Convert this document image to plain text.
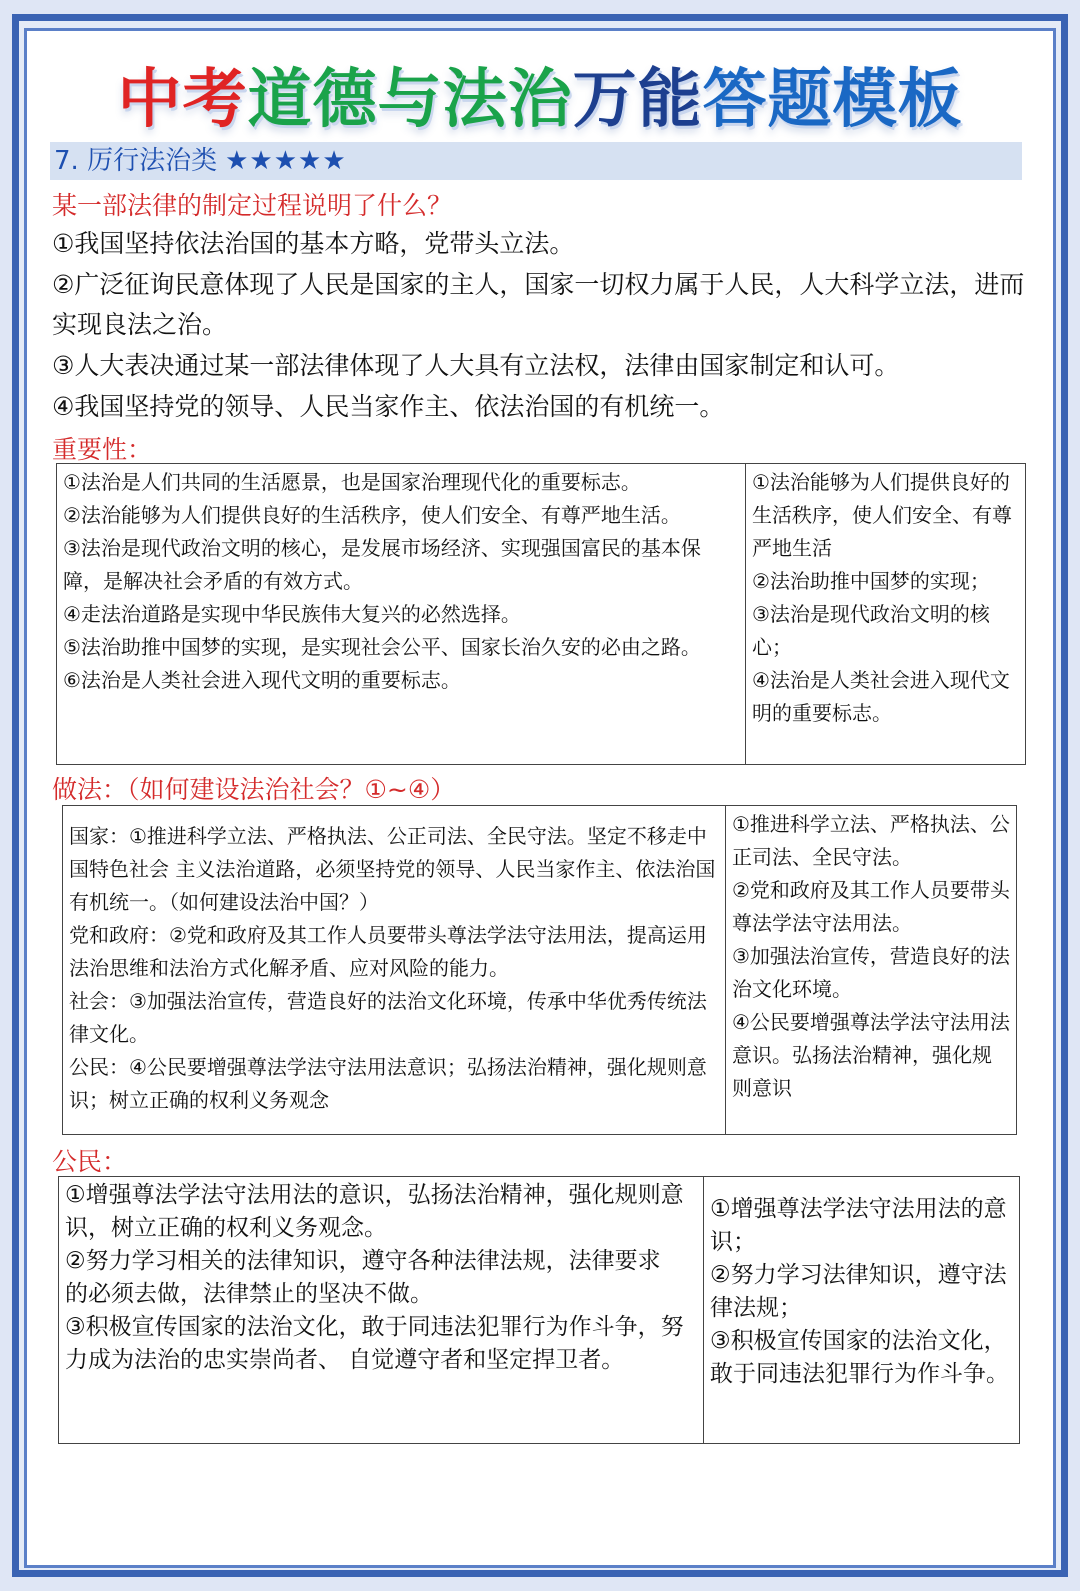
中考道德与法治万能答题模板
7. 厉行法治类 ★★★★★
某一部法律的制定过程说明了什么？
①我国坚持依法治国的基本方略，党带头立法。
②广泛征询民意体现了人民是国家的主人，国家一切权力属于人民，人大科学立法，进而实现良法之治。
③人大表决通过某一部法律体现了人大具有立法权，法律由国家制定和认可。
④我国坚持党的领导、人民当家作主、依法治国的有机统一。
重要性：
①法治是人们共同的生活愿景，也是国家治理现代化的重要标志。
②法治能够为人们提供良好的生活秩序，使人们安全、有尊严地生活。
③法治是现代政治文明的核心，是发展市场经济、实现强国富民的基本保障，是解决社会矛盾的有效方式。
④走法治道路是实现中华民族伟大复兴的必然选择。
⑤法治助推中国梦的实现，是实现社会公平、国家长治久安的必由之路。
⑥法治是人类社会进入现代文明的重要标志。

①法治能够为人们提供良好的生活秩序，使人们安全、有尊严地生活
②法治助推中国梦的实现；
③法治是现代政治文明的核心；
④法治是人类社会进入现代文明的重要标志。
做法：（如何建设法治社会？①~④）
国家：①推进科学立法、严格执法、公正司法、全民守法。坚定不移走中国特色社会 主义法治道路，必须坚持党的领导、人民当家作主、依法治国有机统一。（如何建设法治中国？）
党和政府：②党和政府及其工作人员要带头尊法学法守法用法，提高运用法治思维和法治方式化解矛盾、应对风险的能力。
社会：③加强法治宣传，营造良好的法治文化环境，传承中华优秀传统法律文化。
公民：④公民要增强尊法学法守法用法意识；弘扬法治精神，强化规则意识；树立正确的权利义务观念

①推进科学立法、严格执法、公正司法、全民守法。
②党和政府及其工作人员要带头尊法学法守法用法。
③加强法治宣传，营造良好的法治文化环境。
④公民要增强尊法学法守法用法意识。弘扬法治精神，强化规则意识
公民：
①增强尊法学法守法用法的意识，弘扬法治精神，强化规则意识，树立正确的权利义务观念。
②努力学习相关的法律知识，遵守各种法律法规，法律要求
的必须去做，法律禁止的坚决不做。
③积极宣传国家的法治文化，敢于同违法犯罪行为作斗争，努力成为法治的忠实崇尚者、 自觉遵守者和坚定捍卫者。

①增强尊法学法守法用法的意识；
②努力学习法律知识，遵守法律法规；
③积极宣传国家的法治文化，敢于同违法犯罪行为作斗争。
